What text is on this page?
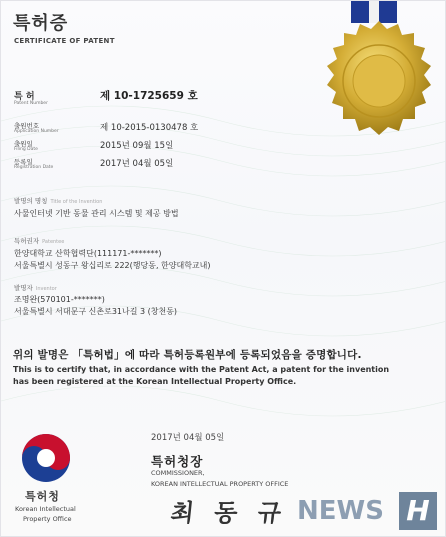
특허증
CERTIFICATE OF PATENT
특 허
Patent Number
제 10-1725659 호
출원번호
Application Number	제 10-2015-0130478 호
출원일
Filing Date	2015년 09월 15일
등록일
Registration Date	2017년 04월 05일
발명의 명칭 Title of the Invention
사물인터넷 기반 동물 관리 시스템 및 제공 방법
특허권자 Patentee
한양대학교 산학협력단(111171-*******)
서울특별시 성동구 왕십리로 222(행당동, 한양대학교내)
발명자 Inventor
조명완(570101-*******)
서울특별시 서대문구 신촌로31나길 3 (창천동)
위의 발명은 「특허법」에 따라 특허등록원부에 등록되었음을 증명합니다.
This is to certify that, in accordance with the Patent Act, a patent for the invention
has been registered at the Korean Intellectual Property Office.
특허청
Korean Intellectual
Property Office
2017년 04월 05일
특허청장
COMMISSIONER,
KOREAN INTELLECTUAL PROPERTY OFFICE
최 동 규 NEWS H
